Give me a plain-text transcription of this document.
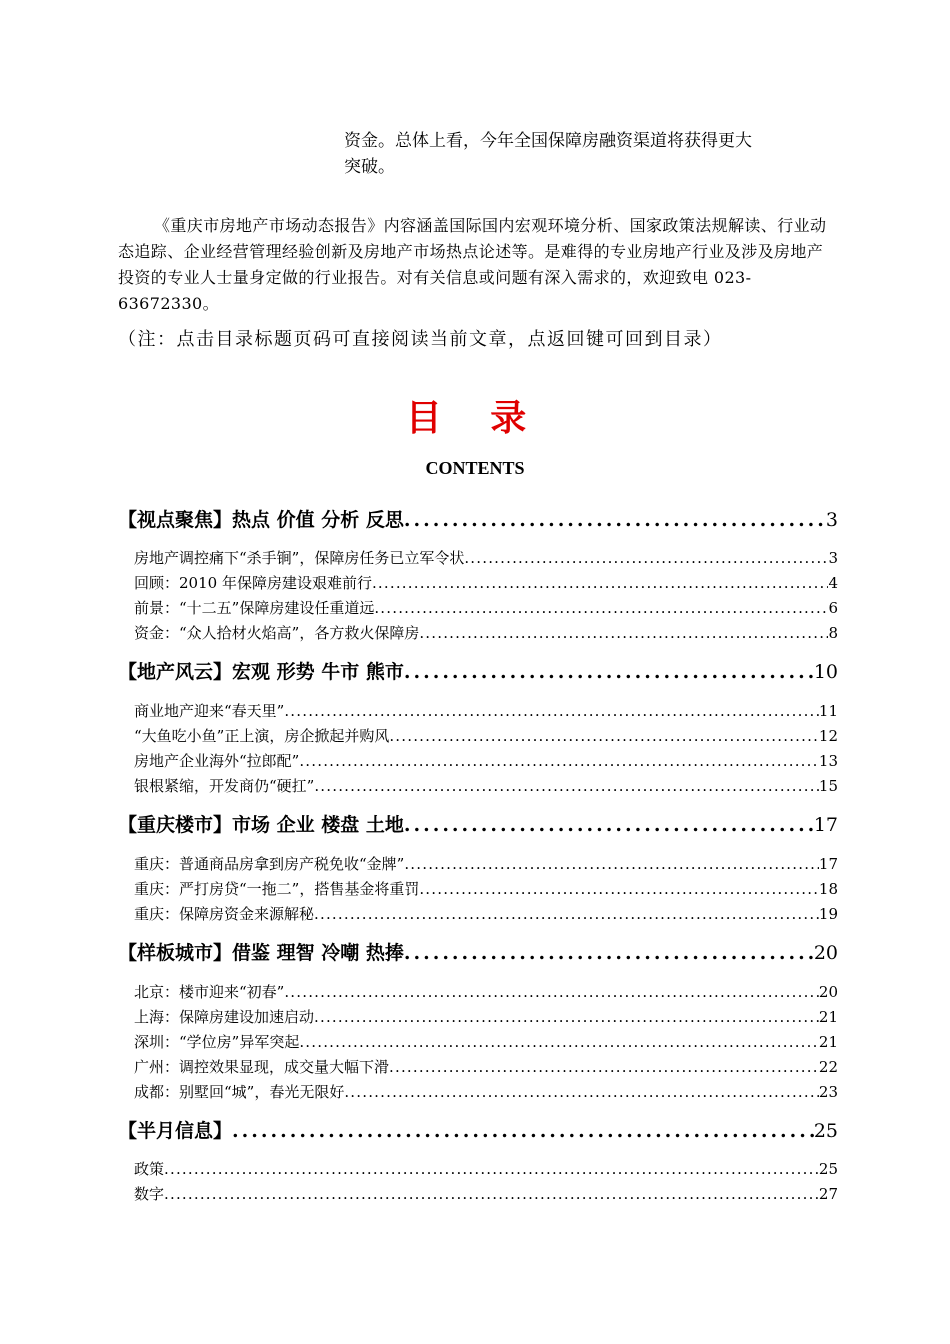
资金。总体上看，今年全国保障房融资渠道将获得更大
突破。
《重庆市房地产市场动态报告》内容涵盖国际国内宏观环境分析、国家政策法规解读、行业动态追踪、企业经营管理经验创新及房地产市场热点论述等。是难得的专业房地产行业及涉及房地产投资的专业人士量身定做的行业报告。对有关信息或问题有深入需求的，欢迎致电 023-63672330。
（注：点击目录标题页码可直接阅读当前文章，点返回键可回到目录）
目 录
CONTENTS
【视点聚焦】热点 价值 分析 反思 .....	3
房地产调控痛下“杀手锏”，保障房任务已立军令状 .....	3
回顾：2010 年保障房建设艰难前行 .....	4
前景：“十二五”保障房建设任重道远 .....	6
资金：“众人拾材火焰高”，各方救火保障房 .....	8
【地产风云】宏观 形势 牛市 熊市 .....	10
商业地产迎来“春天里” .....	11
“大鱼吃小鱼”正上演，房企掀起并购风 .....	12
房地产企业海外“拉郎配” .....	13
银根紧缩，开发商仍“硬扛” .....	15
【重庆楼市】市场 企业 楼盘 土地 .....	17
重庆：普通商品房拿到房产税免收“金牌” .....	17
重庆：严打房贷“一拖二”，搭售基金将重罚 .....	18
重庆：保障房资金来源解秘 .....	19
【样板城市】借鉴 理智 冷嘲 热捧 .....	20
北京：楼市迎来“初春” .....	20
上海：保障房建设加速启动 .....	21
深圳：“学位房”异军突起 .....	21
广州：调控效果显现，成交量大幅下滑 .....	22
成都：别墅回“城”，春光无限好 .....	23
【半月信息】 .....	25
政策 .....	25
数字 .....	27
